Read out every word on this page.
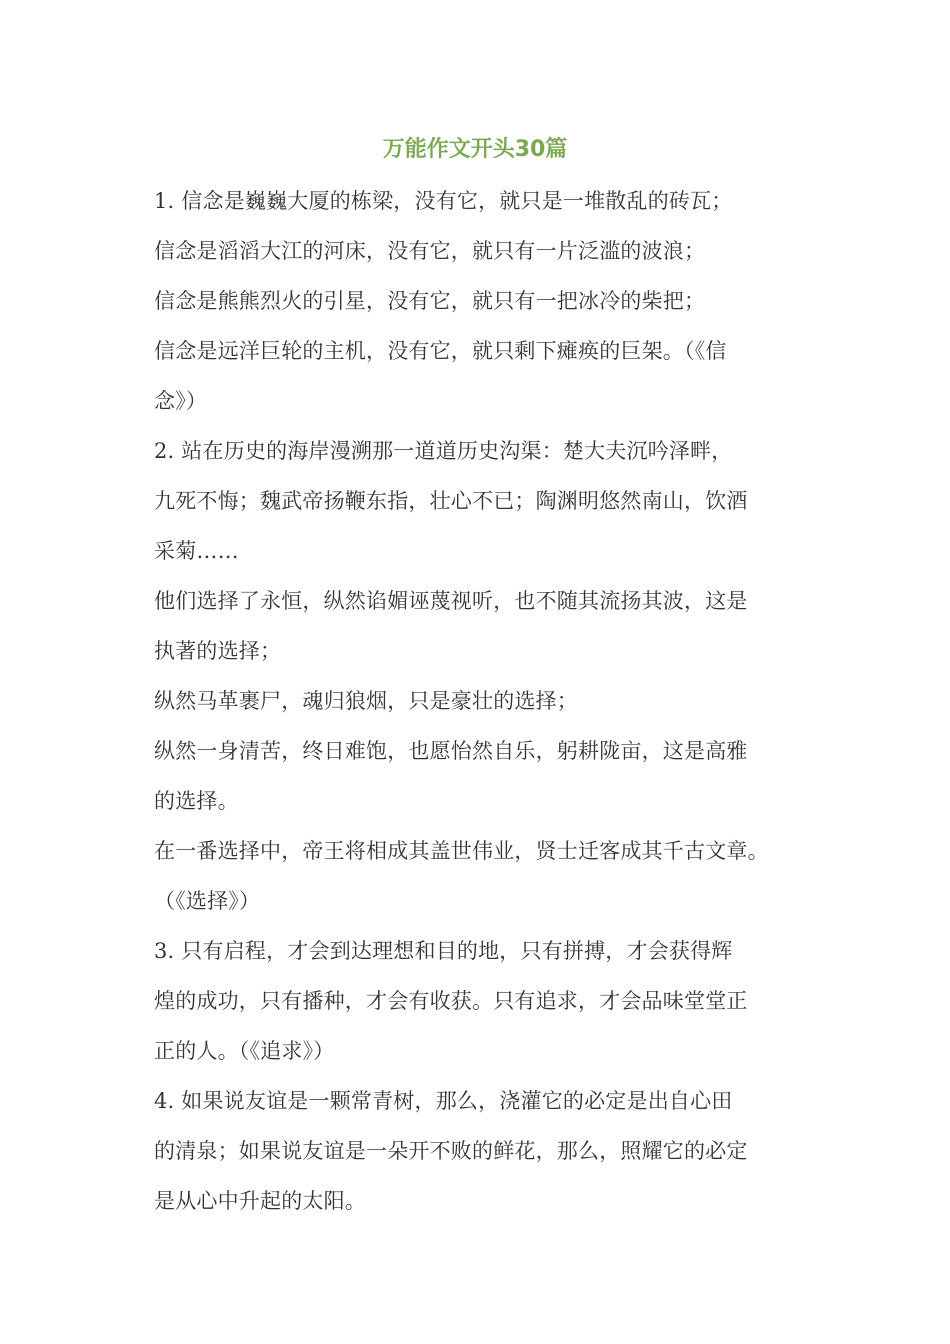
万能作文开头30篇
1. 信念是巍巍大厦的栋梁，没有它，就只是一堆散乱的砖瓦；
信念是滔滔大江的河床，没有它，就只有一片泛滥的波浪；
信念是熊熊烈火的引星，没有它，就只有一把冰冷的柴把；
信念是远洋巨轮的主机，没有它，就只剩下瘫痪的巨架。（《信
念》）
2. 站在历史的海岸漫溯那一道道历史沟渠：楚大夫沉吟泽畔，
九死不悔；魏武帝扬鞭东指，壮心不已；陶渊明悠然南山，饮酒
采菊……
他们选择了永恒，纵然谄媚诬蔑视听，也不随其流扬其波，这是
执著的选择；
纵然马革裹尸，魂归狼烟，只是豪壮的选择；
纵然一身清苦，终日难饱，也愿怡然自乐，躬耕陇亩，这是高雅
的选择。
在一番选择中，帝王将相成其盖世伟业，贤士迁客成其千古文章。
（《选择》）
3. 只有启程，才会到达理想和目的地，只有拼搏，才会获得辉
煌的成功，只有播种，才会有收获。只有追求，才会品味堂堂正
正的人。（《追求》）
4. 如果说友谊是一颗常青树，那么，浇灌它的必定是出自心田
的清泉；如果说友谊是一朵开不败的鲜花，那么，照耀它的必定
是从心中升起的太阳。
